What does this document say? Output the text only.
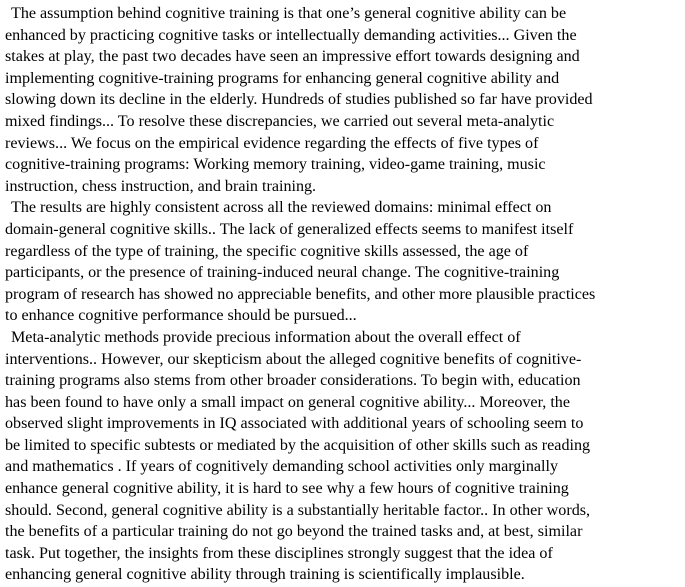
The assumption behind cognitive training is that one’s general cognitive ability can be
enhanced by practicing cognitive tasks or intellectually demanding activities... Given the
stakes at play, the past two decades have seen an impressive effort towards designing and
implementing cognitive-training programs for enhancing general cognitive ability and
slowing down its decline in the elderly. Hundreds of studies published so far have provided
mixed findings... To resolve these discrepancies, we carried out several meta-analytic
reviews... We focus on the empirical evidence regarding the effects of five types of
cognitive-training programs: Working memory training, video-game training, music
instruction, chess instruction, and brain training.

The results are highly consistent across all the reviewed domains: minimal effect on
domain-general cognitive skills.. The lack of generalized effects seems to manifest itself
regardless of the type of training, the specific cognitive skills assessed, the age of
participants, or the presence of training-induced neural change. The cognitive-training
program of research has showed no appreciable benefits, and other more plausible practices
to enhance cognitive performance should be pursued...

Meta-analytic methods provide precious information about the overall effect of
interventions.. However, our skepticism about the alleged cognitive benefits of cognitive-
training programs also stems from other broader considerations. To begin with, education
has been found to have only a small impact on general cognitive ability... Moreover, the
observed slight improvements in IQ associated with additional years of schooling seem to
be limited to specific subtests or mediated by the acquisition of other skills such as reading
and mathematics . If years of cognitively demanding school activities only marginally
enhance general cognitive ability, it is hard to see why a few hours of cognitive training
should. Second, general cognitive ability is a substantially heritable factor.. In other words,
the benefits of a particular training do not go beyond the trained tasks and, at best, similar
task. Put together, the insights from these disciplines strongly suggest that the idea of
enhancing general cognitive ability through training is scientifically implausible.
